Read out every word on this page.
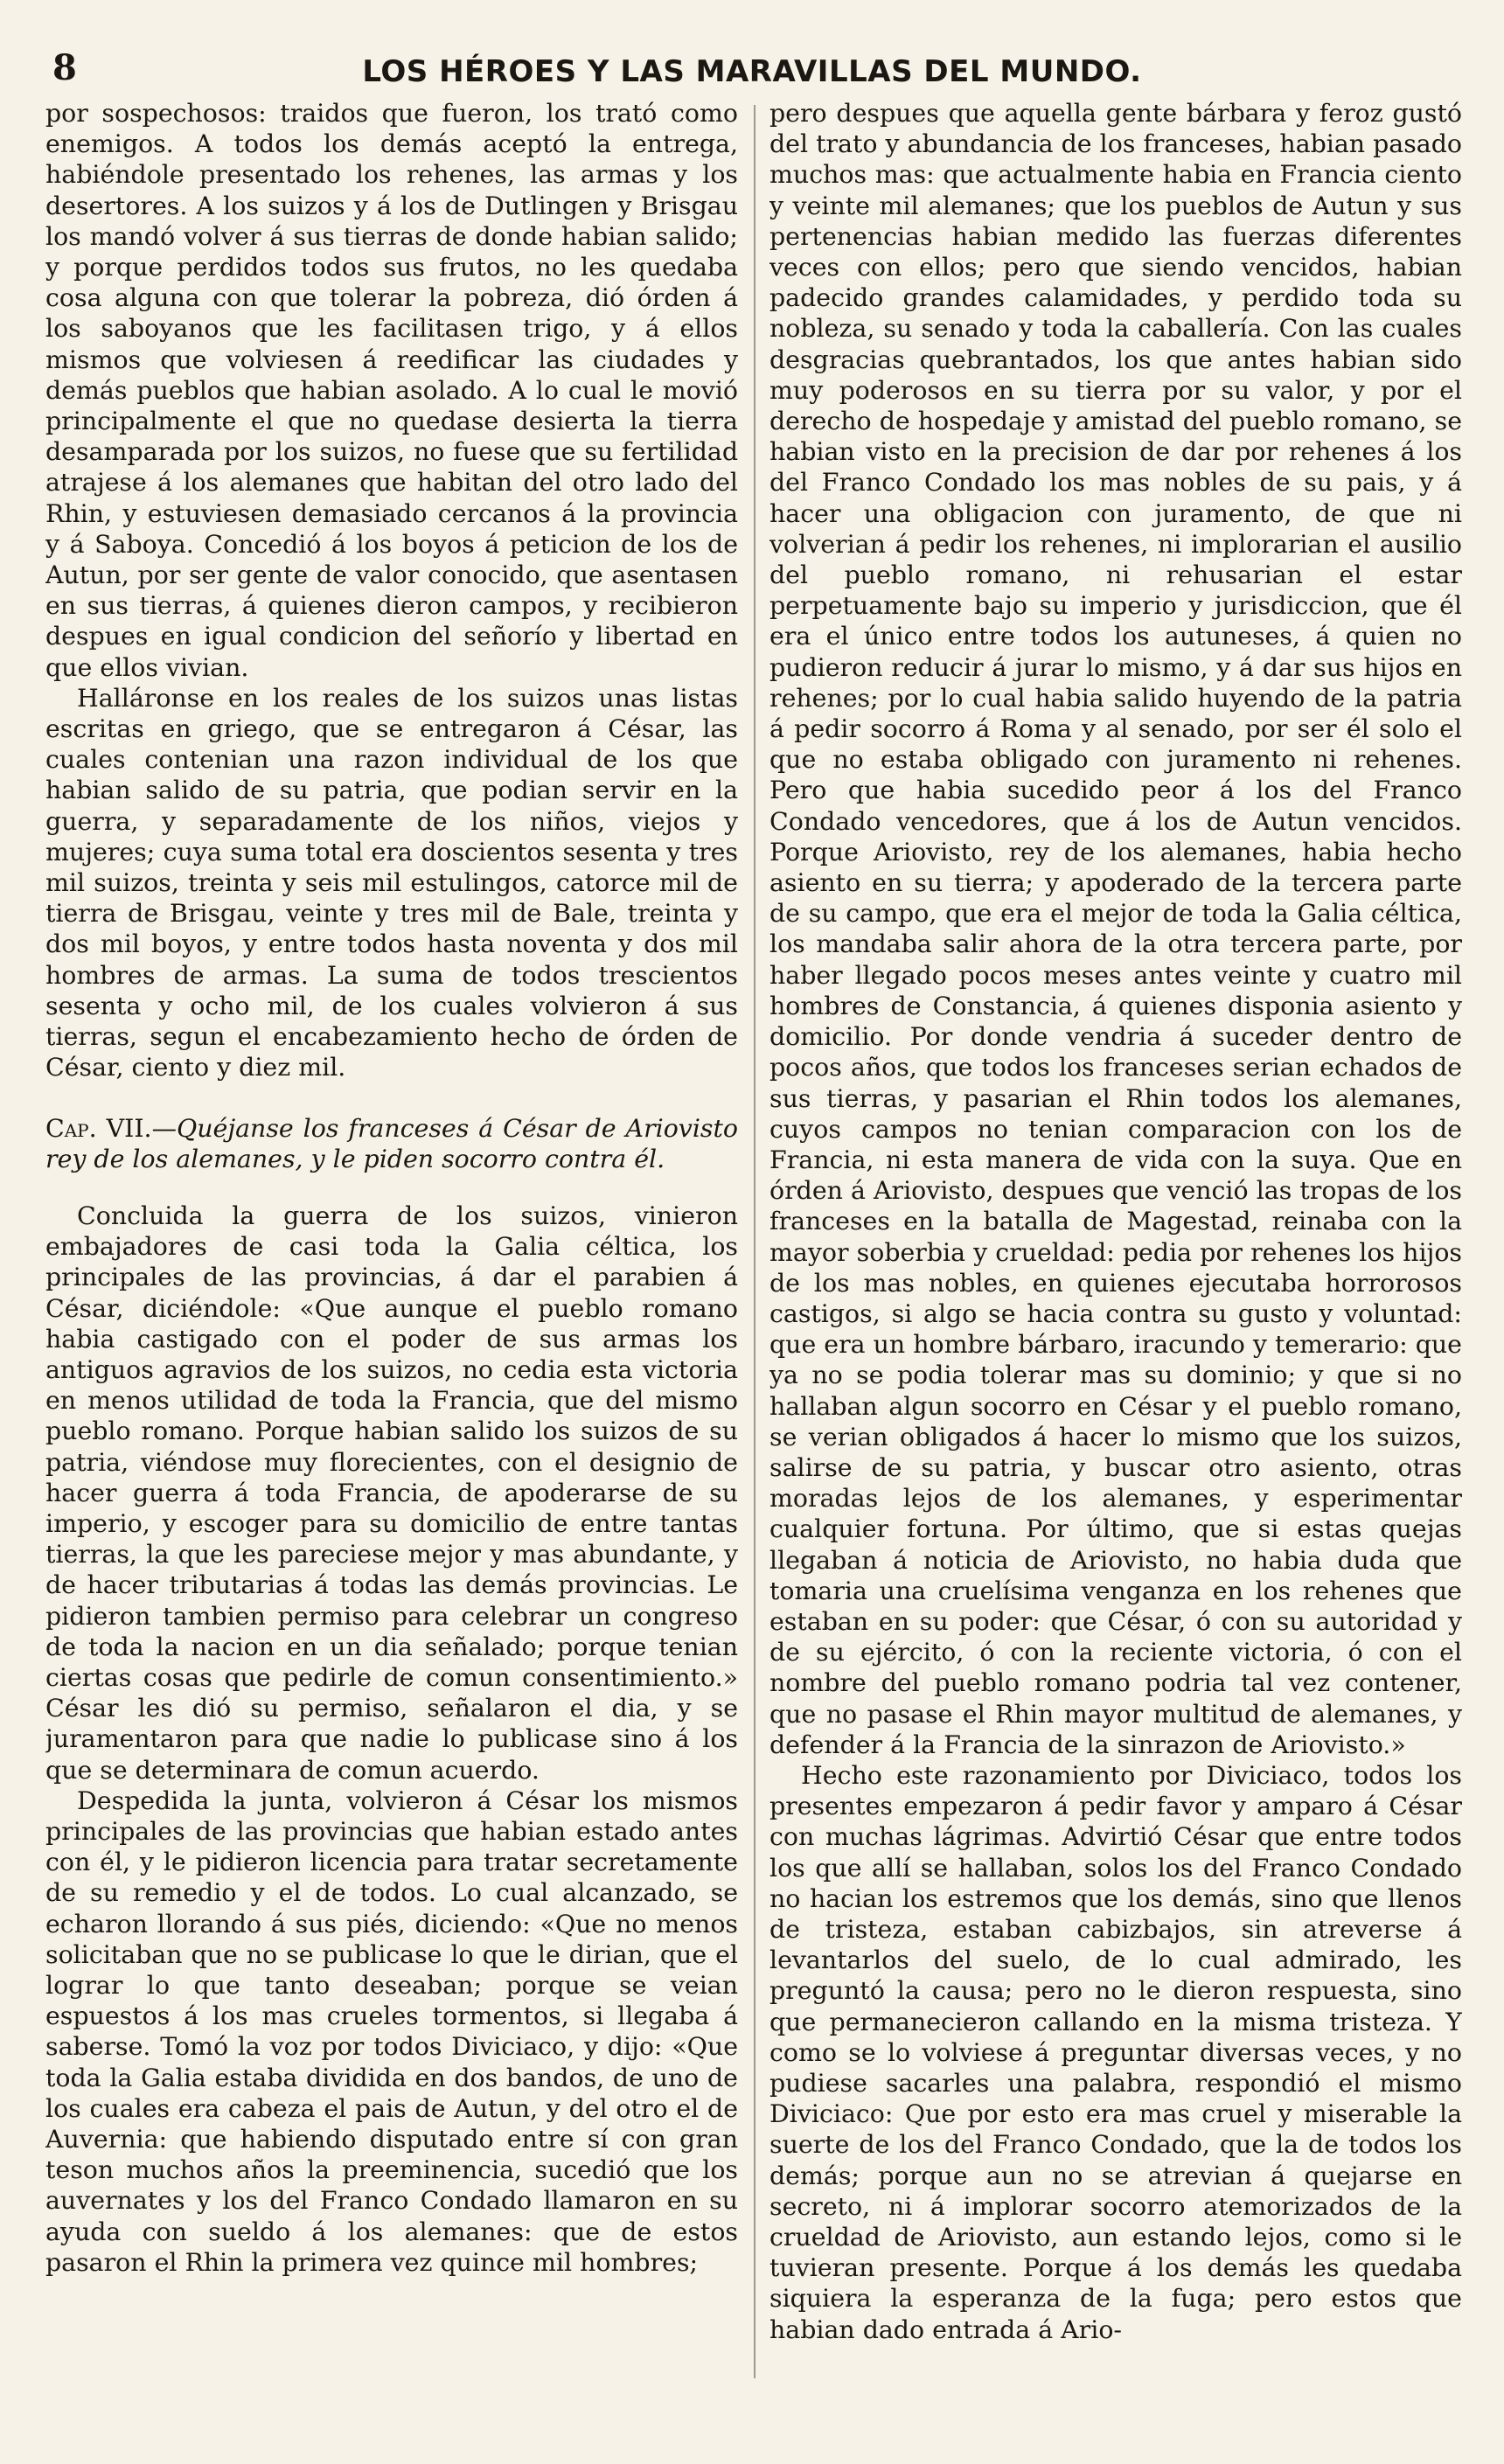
8	LOS HÉROES Y LAS MARAVILLAS DEL MUNDO.

por sospechosos: traidos que fueron, los trató como enemigos. A todos los demás aceptó la entrega, habiéndole presentado los rehenes, las armas y los desertores. A los suizos y á los de Dutlingen y Brisgau los mandó volver á sus tierras de donde habian salido; y porque perdidos todos sus frutos, no les quedaba cosa alguna con que tolerar la pobreza, dió órden á los saboyanos que les facilitasen trigo, y á ellos mismos que volviesen á reedificar las ciudades y demás pueblos que habian asolado. A lo cual le movió principalmente el que no quedase desierta la tierra desamparada por los suizos, no fuese que su fertilidad atrajese á los alemanes que habitan del otro lado del Rhin, y estuviesen demasiado cercanos á la provincia y á Saboya. Concedió á los boyos á peticion de los de Autun, por ser gente de valor conocido, que asentasen en sus tierras, á quienes dieron campos, y recibieron despues en igual condicion del señorío y libertad en que ellos vivian.

Halláronse en los reales de los suizos unas listas escritas en griego, que se entregaron á César, las cuales contenian una razon individual de los que habian salido de su patria, que podian servir en la guerra, y separadamente de los niños, viejos y mujeres; cuya suma total era doscientos sesenta y tres mil suizos, treinta y seis mil estulingos, catorce mil de tierra de Brisgau, veinte y tres mil de Bale, treinta y dos mil boyos, y entre todos hasta noventa y dos mil hombres de armas. La suma de todos trescientos sesenta y ocho mil, de los cuales volvieron á sus tierras, segun el encabezamiento hecho de órden de César, ciento y diez mil.

Cap. VII.—Quéjanse los franceses á César de Ariovisto rey de los alemanes, y le piden socorro contra él.

Concluida la guerra de los suizos, vinieron embajadores de casi toda la Galia céltica, los principales de las provincias, á dar el parabien á César, diciéndole: «Que aunque el pueblo romano habia castigado con el poder de sus armas los antiguos agravios de los suizos, no cedia esta victoria en menos utilidad de toda la Francia, que del mismo pueblo romano. Porque habian salido los suizos de su patria, viéndose muy florecientes, con el designio de hacer guerra á toda Francia, de apoderarse de su imperio, y escoger para su domicilio de entre tantas tierras, la que les pareciese mejor y mas abundante, y de hacer tributarias á todas las demás provincias. Le pidieron tambien permiso para celebrar un congreso de toda la nacion en un dia señalado; porque tenian ciertas cosas que pedirle de comun consentimiento.» César les dió su permiso, señalaron el dia, y se juramentaron para que nadie lo publicase sino á los que se determinara de comun acuerdo.

Despedida la junta, volvieron á César los mismos principales de las provincias que habian estado antes con él, y le pidieron licencia para tratar secretamente de su remedio y el de todos. Lo cual alcanzado, se echaron llorando á sus piés, diciendo: «Que no menos solicitaban que no se publicase lo que le dirian, que el lograr lo que tanto deseaban; porque se veian espuestos á los mas crueles tormentos, si llegaba á saberse. Tomó la voz por todos Diviciaco, y dijo: «Que toda la Galia estaba dividida en dos bandos, de uno de los cuales era cabeza el pais de Autun, y del otro el de Auvernia: que habiendo disputado entre sí con gran teson muchos años la preeminencia, sucedió que los auvernates y los del Franco Condado llamaron en su ayuda con sueldo á los alemanes: que de estos pasaron el Rhin la primera vez quince mil hombres;

pero despues que aquella gente bárbara y feroz gustó del trato y abundancia de los franceses, habian pasado muchos mas: que actualmente habia en Francia ciento y veinte mil alemanes; que los pueblos de Autun y sus pertenencias habian medido las fuerzas diferentes veces con ellos; pero que siendo vencidos, habian padecido grandes calamidades, y perdido toda su nobleza, su senado y toda la caballería. Con las cuales desgracias quebrantados, los que antes habian sido muy poderosos en su tierra por su valor, y por el derecho de hospedaje y amistad del pueblo romano, se habian visto en la precision de dar por rehenes á los del Franco Condado los mas nobles de su pais, y á hacer una obligacion con juramento, de que ni volverian á pedir los rehenes, ni implorarian el ausilio del pueblo romano, ni rehusarian el estar perpetuamente bajo su imperio y jurisdiccion, que él era el único entre todos los autuneses, á quien no pudieron reducir á jurar lo mismo, y á dar sus hijos en rehenes; por lo cual habia salido huyendo de la patria á pedir socorro á Roma y al senado, por ser él solo el que no estaba obligado con juramento ni rehenes. Pero que habia sucedido peor á los del Franco Condado vencedores, que á los de Autun vencidos. Porque Ariovisto, rey de los alemanes, habia hecho asiento en su tierra; y apoderado de la tercera parte de su campo, que era el mejor de toda la Galia céltica, los mandaba salir ahora de la otra tercera parte, por haber llegado pocos meses antes veinte y cuatro mil hombres de Constancia, á quienes disponia asiento y domicilio. Por donde vendria á suceder dentro de pocos años, que todos los franceses serian echados de sus tierras, y pasarian el Rhin todos los alemanes, cuyos campos no tenian comparacion con los de Francia, ni esta manera de vida con la suya. Que en órden á Ariovisto, despues que venció las tropas de los franceses en la batalla de Magestad, reinaba con la mayor soberbia y crueldad: pedia por rehenes los hijos de los mas nobles, en quienes ejecutaba horrorosos castigos, si algo se hacia contra su gusto y voluntad: que era un hombre bárbaro, iracundo y temerario: que ya no se podia tolerar mas su dominio; y que si no hallaban algun socorro en César y el pueblo romano, se verian obligados á hacer lo mismo que los suizos, salirse de su patria, y buscar otro asiento, otras moradas lejos de los alemanes, y esperimentar cualquier fortuna. Por último, que si estas quejas llegaban á noticia de Ariovisto, no habia duda que tomaria una cruelísima venganza en los rehenes que estaban en su poder: que César, ó con su autoridad y de su ejército, ó con la reciente victoria, ó con el nombre del pueblo romano podria tal vez contener, que no pasase el Rhin mayor multitud de alemanes, y defender á la Francia de la sinrazon de Ariovisto.»

Hecho este razonamiento por Diviciaco, todos los presentes empezaron á pedir favor y amparo á César con muchas lágrimas. Advirtió César que entre todos los que allí se hallaban, solos los del Franco Condado no hacian los estremos que los demás, sino que llenos de tristeza, estaban cabizbajos, sin atreverse á levantarlos del suelo, de lo cual admirado, les preguntó la causa; pero no le dieron respuesta, sino que permanecieron callando en la misma tristeza. Y como se lo volviese á preguntar diversas veces, y no pudiese sacarles una palabra, respondió el mismo Diviciaco: Que por esto era mas cruel y miserable la suerte de los del Franco Condado, que la de todos los demás; porque aun no se atrevian á quejarse en secreto, ni á implorar socorro atemorizados de la crueldad de Ariovisto, aun estando lejos, como si le tuvieran presente. Porque á los demás les quedaba siquiera la esperanza de la fuga; pero estos que habian dado entrada á Ario-
